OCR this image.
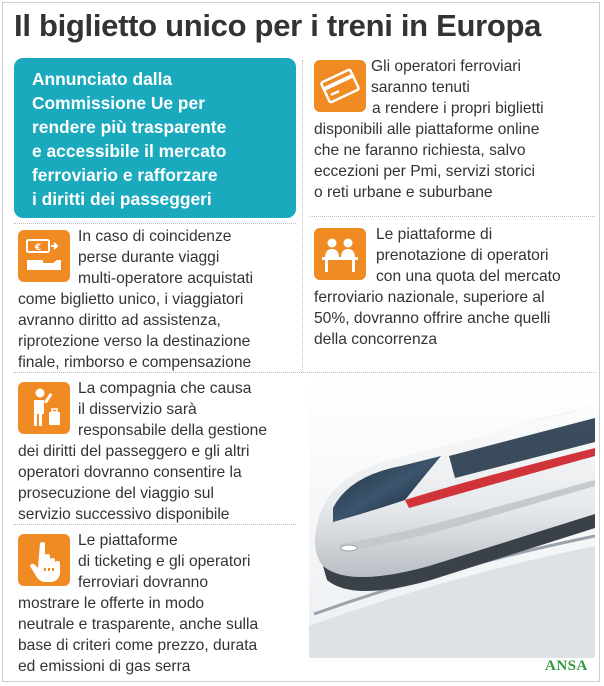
Il biglietto unico per i treni in Europa
Annunciato dalla
Commissione Ue per
rendere più trasparente
e accessibile il mercato
ferroviario e rafforzare
i diritti dei passeggeri
Gli operatori ferroviari
saranno tenuti
a rendere i propri biglietti
disponibili alle piattaforme online
che ne faranno richiesta, salvo
eccezioni per Pmi, servizi storici
o reti urbane e suburbane
€
In caso di coincidenze
perse durante viaggi
multi-operatore acquistati
come biglietto unico, i viaggiatori
avranno diritto ad assistenza,
riprotezione verso la destinazione
finale, rimborso e compensazione
Le piattaforme di
prenotazione di operatori
con una quota del mercato
ferroviario nazionale, superiore al
50%, dovranno offrire anche quelli
della concorrenza
La compagnia che causa
il disservizio sarà
responsabile della gestione
dei diritti del passeggero e gli altri
operatori dovranno consentire la
prosecuzione del viaggio sul
servizio successivo disponibile
Le piattaforme
di ticketing e gli operatori
ferroviari dovranno
mostrare le offerte in modo
neutrale e trasparente, anche sulla
base di criteri come prezzo, durata
ed emissioni di gas serra	ANSA
